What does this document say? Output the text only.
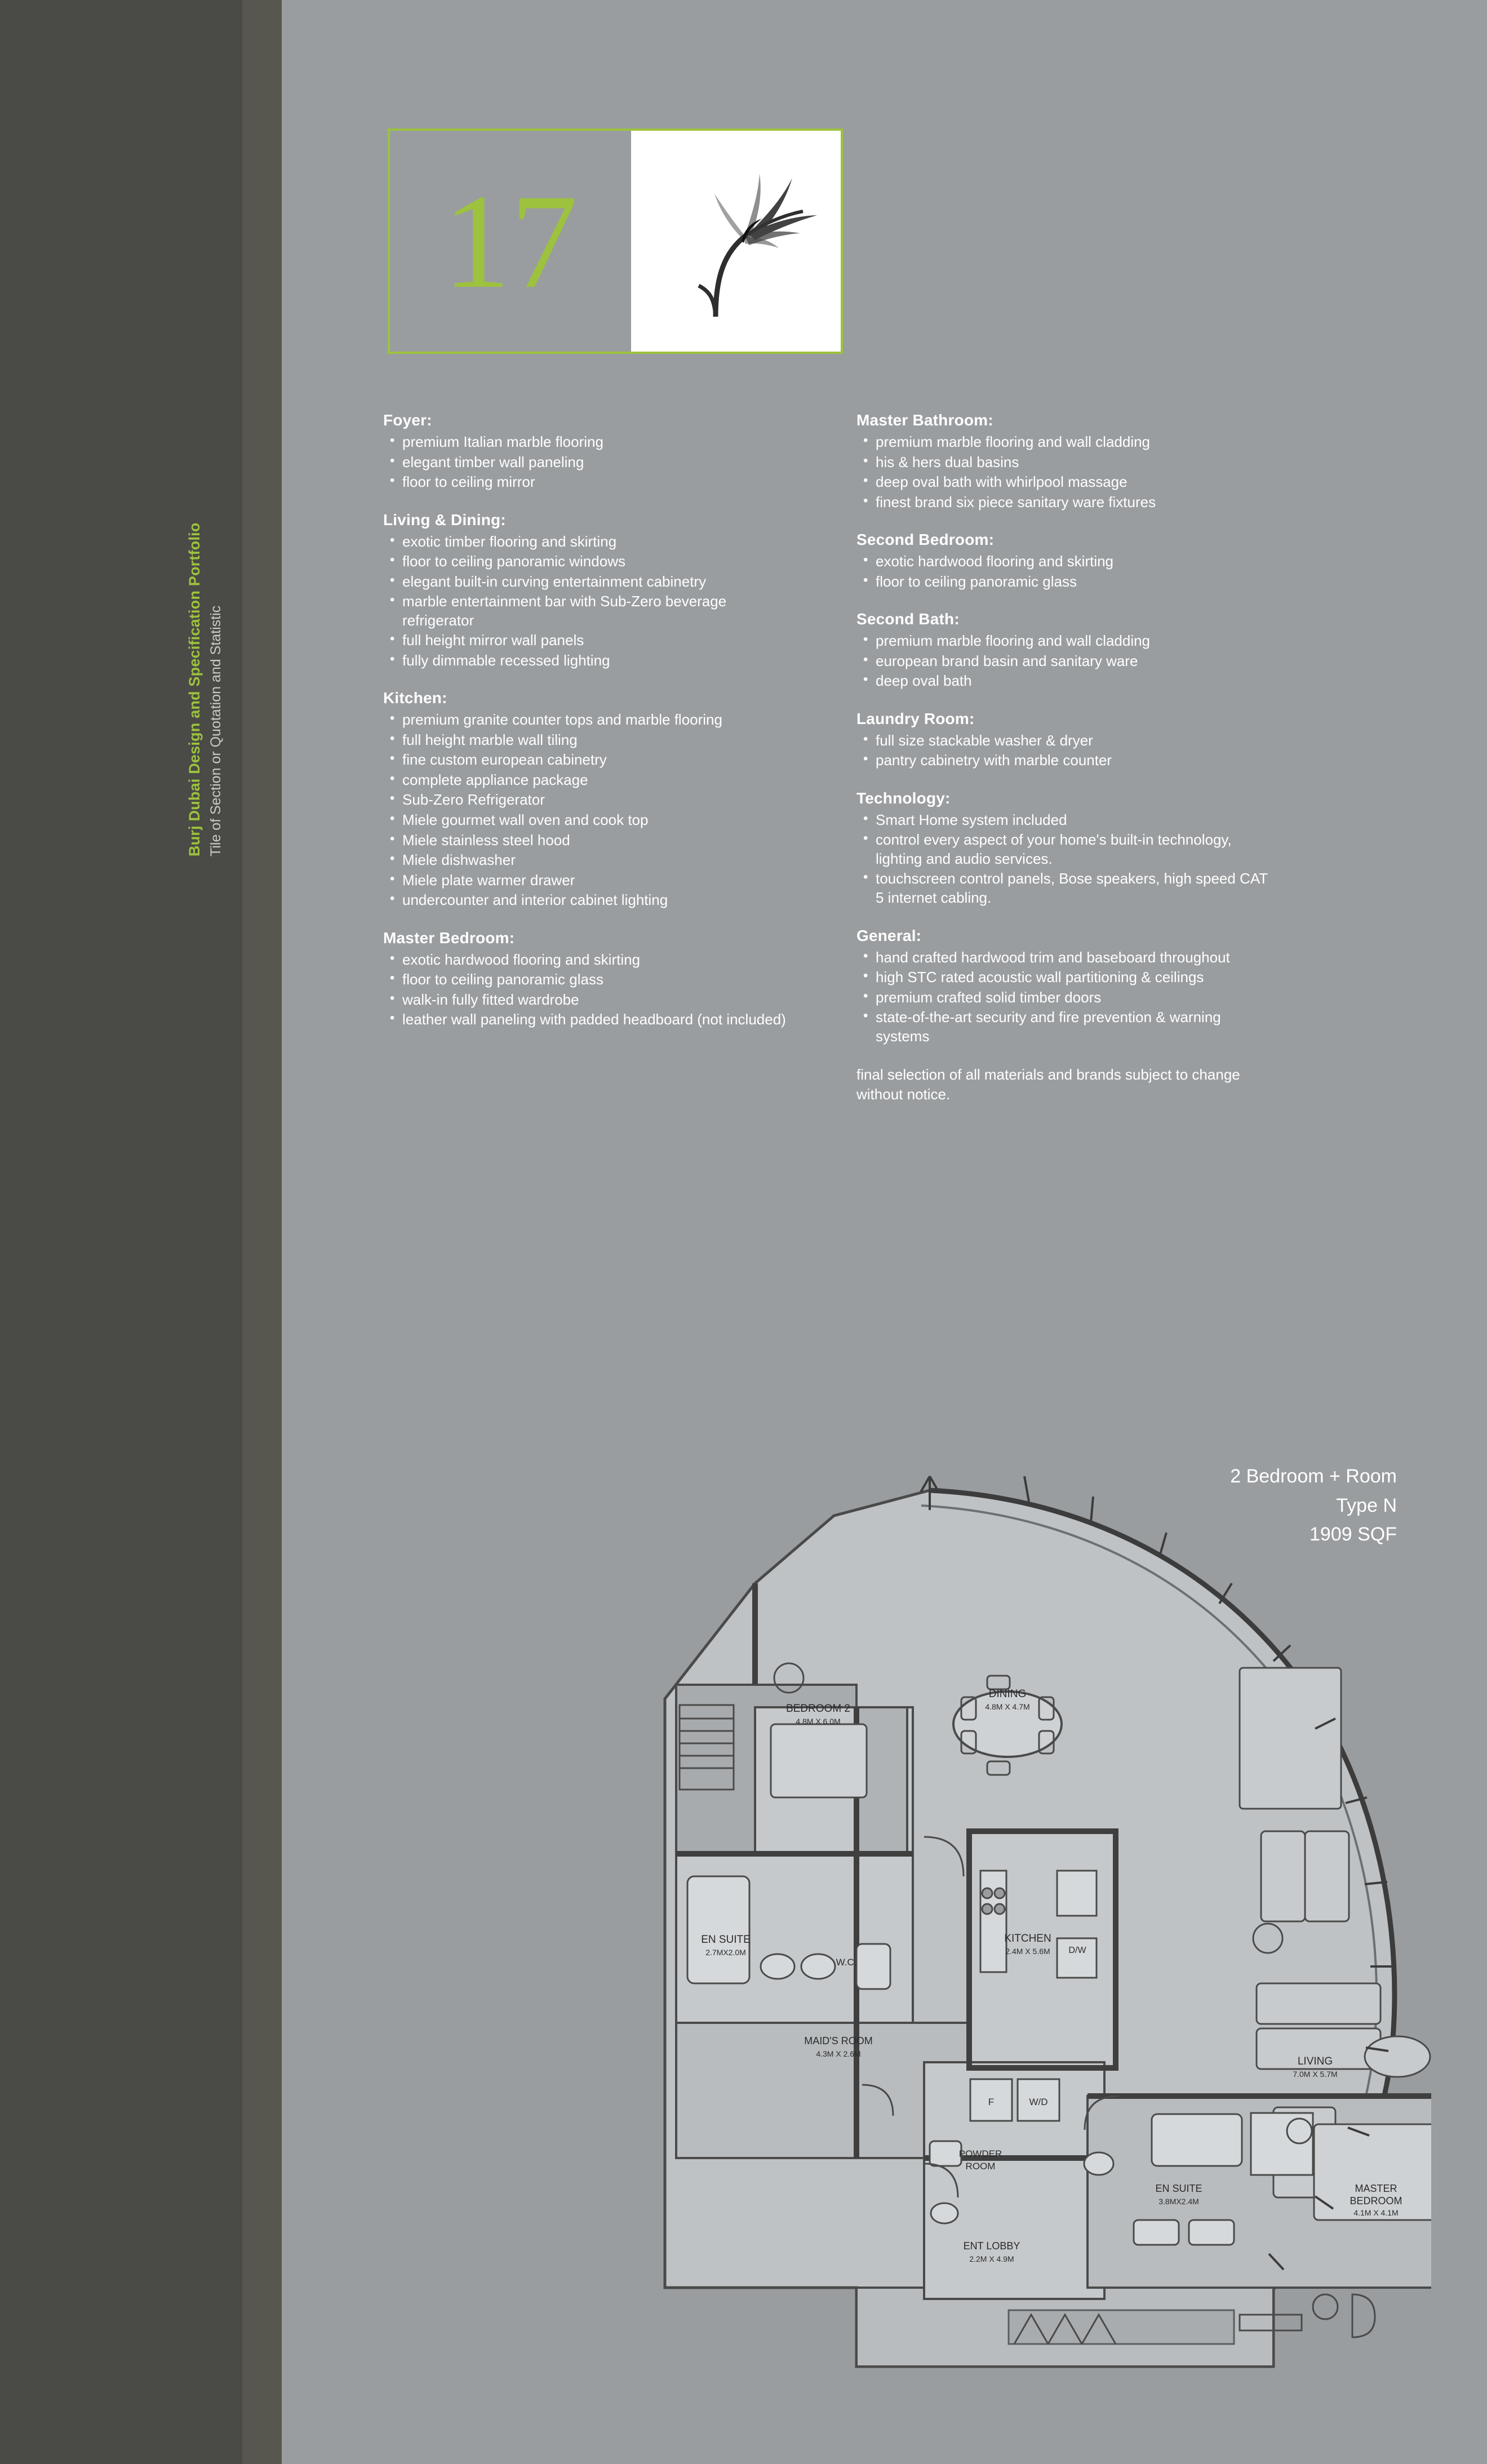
Burj Dubai Design and Specification Portfolio Tile of Section or Quotation and Statistic
17
Foyer:
• premium Italian marble flooring
• elegant timber wall paneling
• floor to ceiling mirror
Living & Dining:
• exotic timber flooring and skirting
• floor to ceiling panoramic windows
• elegant built-in curving entertainment cabinetry
• marble entertainment bar with Sub-Zero beverage refrigerator
• full height mirror wall panels
• fully dimmable recessed lighting
Kitchen:
• premium granite counter tops and marble flooring
• full height marble wall tiling
• fine custom european cabinetry
• complete appliance package
• Sub-Zero Refrigerator
• Miele gourmet wall oven and cook top
• Miele stainless steel hood
• Miele dishwasher
• Miele plate warmer drawer
• undercounter and interior cabinet lighting
Master Bedroom:
• exotic hardwood flooring and skirting
• floor to ceiling panoramic glass
• walk-in fully fitted wardrobe
• leather wall paneling with padded headboard (not included)
Master Bathroom:
• premium marble flooring and wall cladding
• his & hers dual basins
• deep oval bath with whirlpool massage
• finest brand six piece sanitary ware fixtures
Second Bedroom:
• exotic hardwood flooring and skirting
• floor to ceiling panoramic glass
Second Bath:
• premium marble flooring and wall cladding
• european brand basin and sanitary ware
• deep oval bath
Laundry Room:
• full size stackable washer & dryer
• pantry cabinetry with marble counter
Technology:
• Smart Home system included
• control every aspect of your home's built-in technology, lighting and audio services.
• touchscreen control panels, Bose speakers, high speed CAT 5 internet cabling.
General:
• hand crafted hardwood trim and baseboard throughout
• high STC rated acoustic wall partitioning & ceilings
• premium crafted solid timber doors
• state-of-the-art security and fire prevention & warning systems
final selection of all materials and brands subject to change without notice.
2 Bedroom + Room
Type N
1909 SQF
DINING
4.8M X 4.7M
BEDROOM 2
4.8M X 6.0M
EN SUITE
2.7MX2.0M
W.C.
KITCHEN
2.4M X 5.6M D/W
MAID'S ROOM
4.3M X 2.6M
F	W/D
POWDER
LIVING
7.0M X 5.7M
EN SUITE
3.8MX2.4M
MASTER
4.1M X 4.1M
ENT LOBBY
2.2M X 4.9M
ROOM
BEDROOM
